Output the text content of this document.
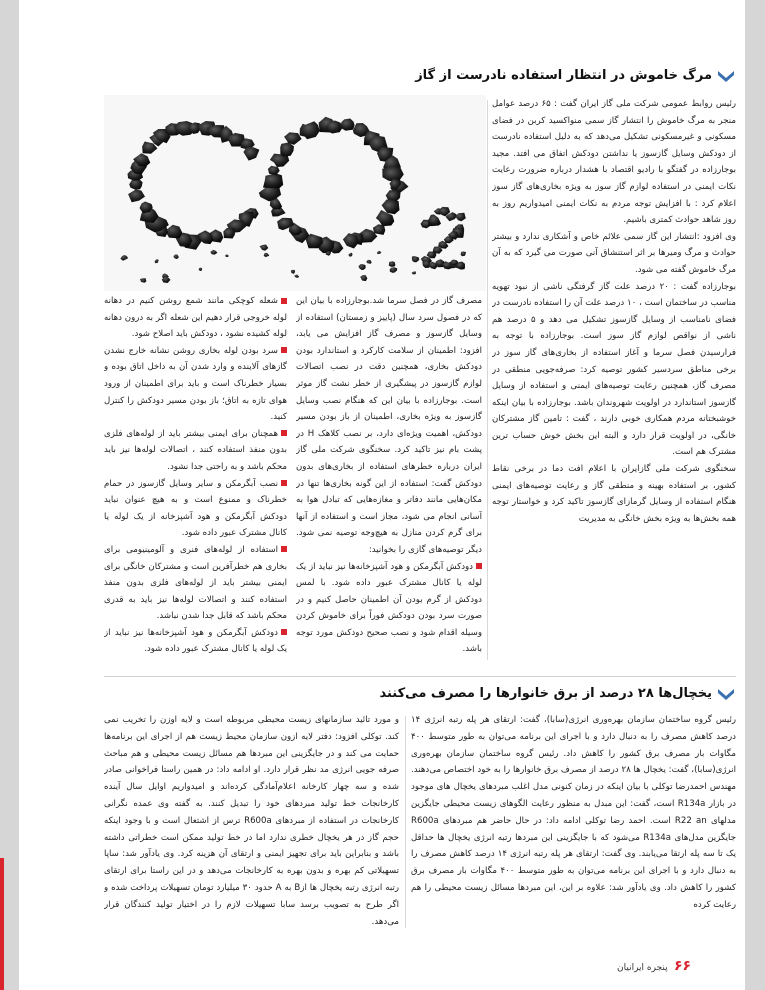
مرگ خاموش در انتظار استفاده نادرست از گاز

رئیس روابط عمومی شرکت ملی گاز ایران گفت : ۶۵ درصد عوامل منجر به مرگ خاموش را انتشار گاز سمی منواکسید کربن در فضای مسکونی و غیرمسکونی تشکیل می‌دهد که به دلیل استفاده نادرست از دودکش وسایل گازسوز یا نداشتن دودکش اتفاق می افتد. مجید بوجارزاده در گفتگو با رادیو اقتصاد با هشدار درباره ضرورت رعایت نکات ایمنی در استفاده لوازم گاز سوز به ویژه بخاری‌های گاز سوز اعلام کرد : با افزایش توجه مردم به نکات ایمنی امیدواریم روز به روز شاهد حوادث کمتری باشیم.

وی افزود :انتشار این گاز سمی علائم خاص و آشکاری ندارد و بیشتر حوادث و مرگ ومیرها بر اثر استنشاق آنی صورت می گیرد که به آن مرگ خاموش گفته می شود.

بوجارزاده گفت : ۲۰ درصد علت گاز گرفتگی ناشی از نبود تهویه مناسب در ساختمان است ، ۱۰ درصد علت آن را استفاده نادرست در فضای نامناسب از وسایل گازسوز تشکیل می دهد و ۵ درصد هم ناشی از نواقص لوازم گاز سوز است. بوجارزاده با توجه به فرارسیدن فصل سرما و آغاز استفاده از بخاری‌های گاز سوز در برخی مناطق سردسیر کشور توصیه کرد: صرفه‌جویی منطقی در مصرف گاز، همچنین رعایت توصیه‌های ایمنی و استفاده از وسایل گازسوز استاندارد در اولویت شهروندان باشد. بوجارزاده با بیان اینکه خوشبختانه مردم همکاری خوبی دارند ، گفت : تامین گاز مشترکان خانگی، در اولویت قرار دارد و البته این بخش خوش حساب ترین مشترک هم است.

سخنگوی شرکت ملی گازایران با اعلام افت دما در برخی نقاط کشور، بر استفاده بهینه و منطقی گاز و رعایت توصیه‌های ایمنی هنگام استفاده از وسایل گرمازای گازسوز تاکید کرد و خواستار توجه همه بخش‌ها به ویژه بخش خانگی به مدیریت

مصرف گاز در فصل سرما شد.بوجارزاده با بیان این که در فصول سرد سال (پاییز و زمستان) استفاده از وسایل گازسوز و مصرف گاز افزایش می یابد، افزود: اطمینان از سلامت کارکرد و استاندارد بودن دودکش بخاری، همچنین دقت در نصب اتصالات لوازم گازسوز در پیشگیری از خطر نشت گاز موثر است. بوجارزاده با بیان این که هنگام نصب وسایل گازسوز به ویژه بخاری، اطمینان از باز بودن مسیر دودکش، اهمیت ویژه‌ای دارد، بر نصب کلاهک H در پشت بام نیز تاکید کرد. سخنگوی شرکت ملی گاز ایران درباره خطرهای استفاده از بخاری‌های بدون دودکش گفت: استفاده از این گونه بخاری‌ها تنها در مکان‌هایی مانند دفاتر و مغازه‌هایی که تبادل هوا به آسانی انجام می شود، مجاز است و استفاده از آنها برای گرم کردن منازل به هیچ‌وجه توصیه نمی شود. دیگر توصیه‌های گازی را بخوانید:

دودکش آبگرمکن و هود آشپزخانه‌ها نیز نباید از یک لوله یا کانال مشترک عبور داده شود. با لمس دودکش از گرم بودن آن اطمینان حاصل کنیم و در صورت سرد بودن دودکش فوراً برای خاموش کردن وسیله اقدام شود و نصب صحیح دودکش مورد توجه باشد.

شعله کوچکی مانند شمع روشن کنیم در دهانه لوله خروجی قرار دهیم این شعله اگر به درون دهانه لوله کشیده نشود ، دودکش باید اصلاح شود.

سرد بودن لوله بخاری روشن نشانه خارج نشدن گازهای آلاینده و وارد شدن آن به داخل اتاق بوده و بسیار خطرناک است و باید برای اطمینان از ورود هوای تازه به اتاق؛ باز بودن مسیر دودکش را کنترل کنید.

همچنان برای ایمنی بیشتر باید از لوله‌های فلزی بدون منفذ استفاده کنند ، اتصالات لوله‌ها نیز باید محکم باشد و به راحتی جدا نشود.

نصب آبگرمکن و سایر وسایل گازسوز در حمام خطرناک و ممنوع است و به هیچ عنوان نباید دودکش آبگرمکن و هود آشپزخانه از یک لوله یا کانال مشترک عبور داده شود.

استفاده از لوله‌های فنری و آلومینیومی برای بخاری هم خطرآفرین است و مشترکان خانگی برای ایمنی بیشتر باید از لوله‌های فلزی بدون منفذ استفاده کنند و اتصالات لوله‌ها نیز باید به قدری محکم باشد که قابل جدا شدن نباشد.

دودکش آبگرمکن و هود آشپزخانه‌ها نیز نباید از یک لوله یا کانال مشترک عبور داده شود.

یخچال‌ها ۲۸ درصد از برق خانوارها را مصرف می‌کنند

رئیس گروه ساختمان سازمان بهره‌وری انرژی(سابا)، گفت: ارتقای هر پله رتبه انرژی ۱۴ درصد کاهش مصرف را به دنبال دارد و با اجرای این برنامه می‌توان به طور متوسط ۴۰۰ مگاوات بار مصرف برق کشور را کاهش داد. رئیس گروه ساختمان سازمان بهره‌وری انرژی(سابا)، گفت: یخچال ها ۲۸ درصد از مصرف برق خانوارها را به خود اختصاص می‌دهند. مهندس احمدرضا توکلی با بیان اینکه در زمان کنونی مدل اغلب مبردهای یخچال های موجود در بازار R134a است، گفت: این مبدل به منظور رعایت الگوهای زیست محیطی جایگزین مدلهای R22 an است. احمد رضا توکلی ادامه داد: در حال حاضر هم مبردهای R600a جایگزین مدل‌های R134a می‌شود که با جایگزینی این مبردها رتبه انرژی یخچال ها حداقل یک تا سه پله ارتقا می‌یابند. وی گفت: ارتقای هر پله رتبه انرژی ۱۴ درصد کاهش مصرف را به دنبال دارد و با اجرای این برنامه می‌توان به طور متوسط ۴۰۰ مگاوات بار مصرف برق کشور را کاهش داد. وی یادآور شد: علاوه بر این، این مبردها مسائل زیست محیطی را هم رعایت کرده

و مورد تائید سازمانهای زیست محیطی مربوطه است و لایه اوزن را تخریب نمی کند. توکلی افزود: دفتر لایه ازون سازمان محیط زیست هم از اجرای این برنامه‌ها حمایت می کند و در جایگزینی این مبردها هم مسائل زیست محیطی و هم مباحث صرفه جویی انرژی مد نظر قرار دارد. او ادامه داد: در همین راستا فراخوانی صادر شده و سه چهار کارخانه اعلام‌آمادگی کرده‌اند و امیدواریم اوایل سال آینده کارخانجات خط تولید مبردهای خود را تبدیل کنند. به گفته وی عمده نگرانی کارخانجات در استفاده از مبردهای R600a ترس از اشتعال است و با وجود اینکه حجم گاز در هر یخچال خطری ندارد اما در خط تولید ممکن است خطراتی داشته باشد و بنابراین باید برای تجهیز ایمنی و ارتقای آن هزینه کرد. وی یادآور شد: ساپا تسهیلاتی کم بهره و بدون بهره به کارخانجات می‌دهد و در این راستا برای ارتقای رتبه انرژی رتبه یخچال ها ازB به A حدود ۳۰ میلیارد تومان تسهیلات پرداخت شده و اگر طرح به تصویب برسد سابا تسهیلات لازم را در اختیار تولید کنندگان قرار می‌دهد.

۶۶
پنجره ایرانیان
